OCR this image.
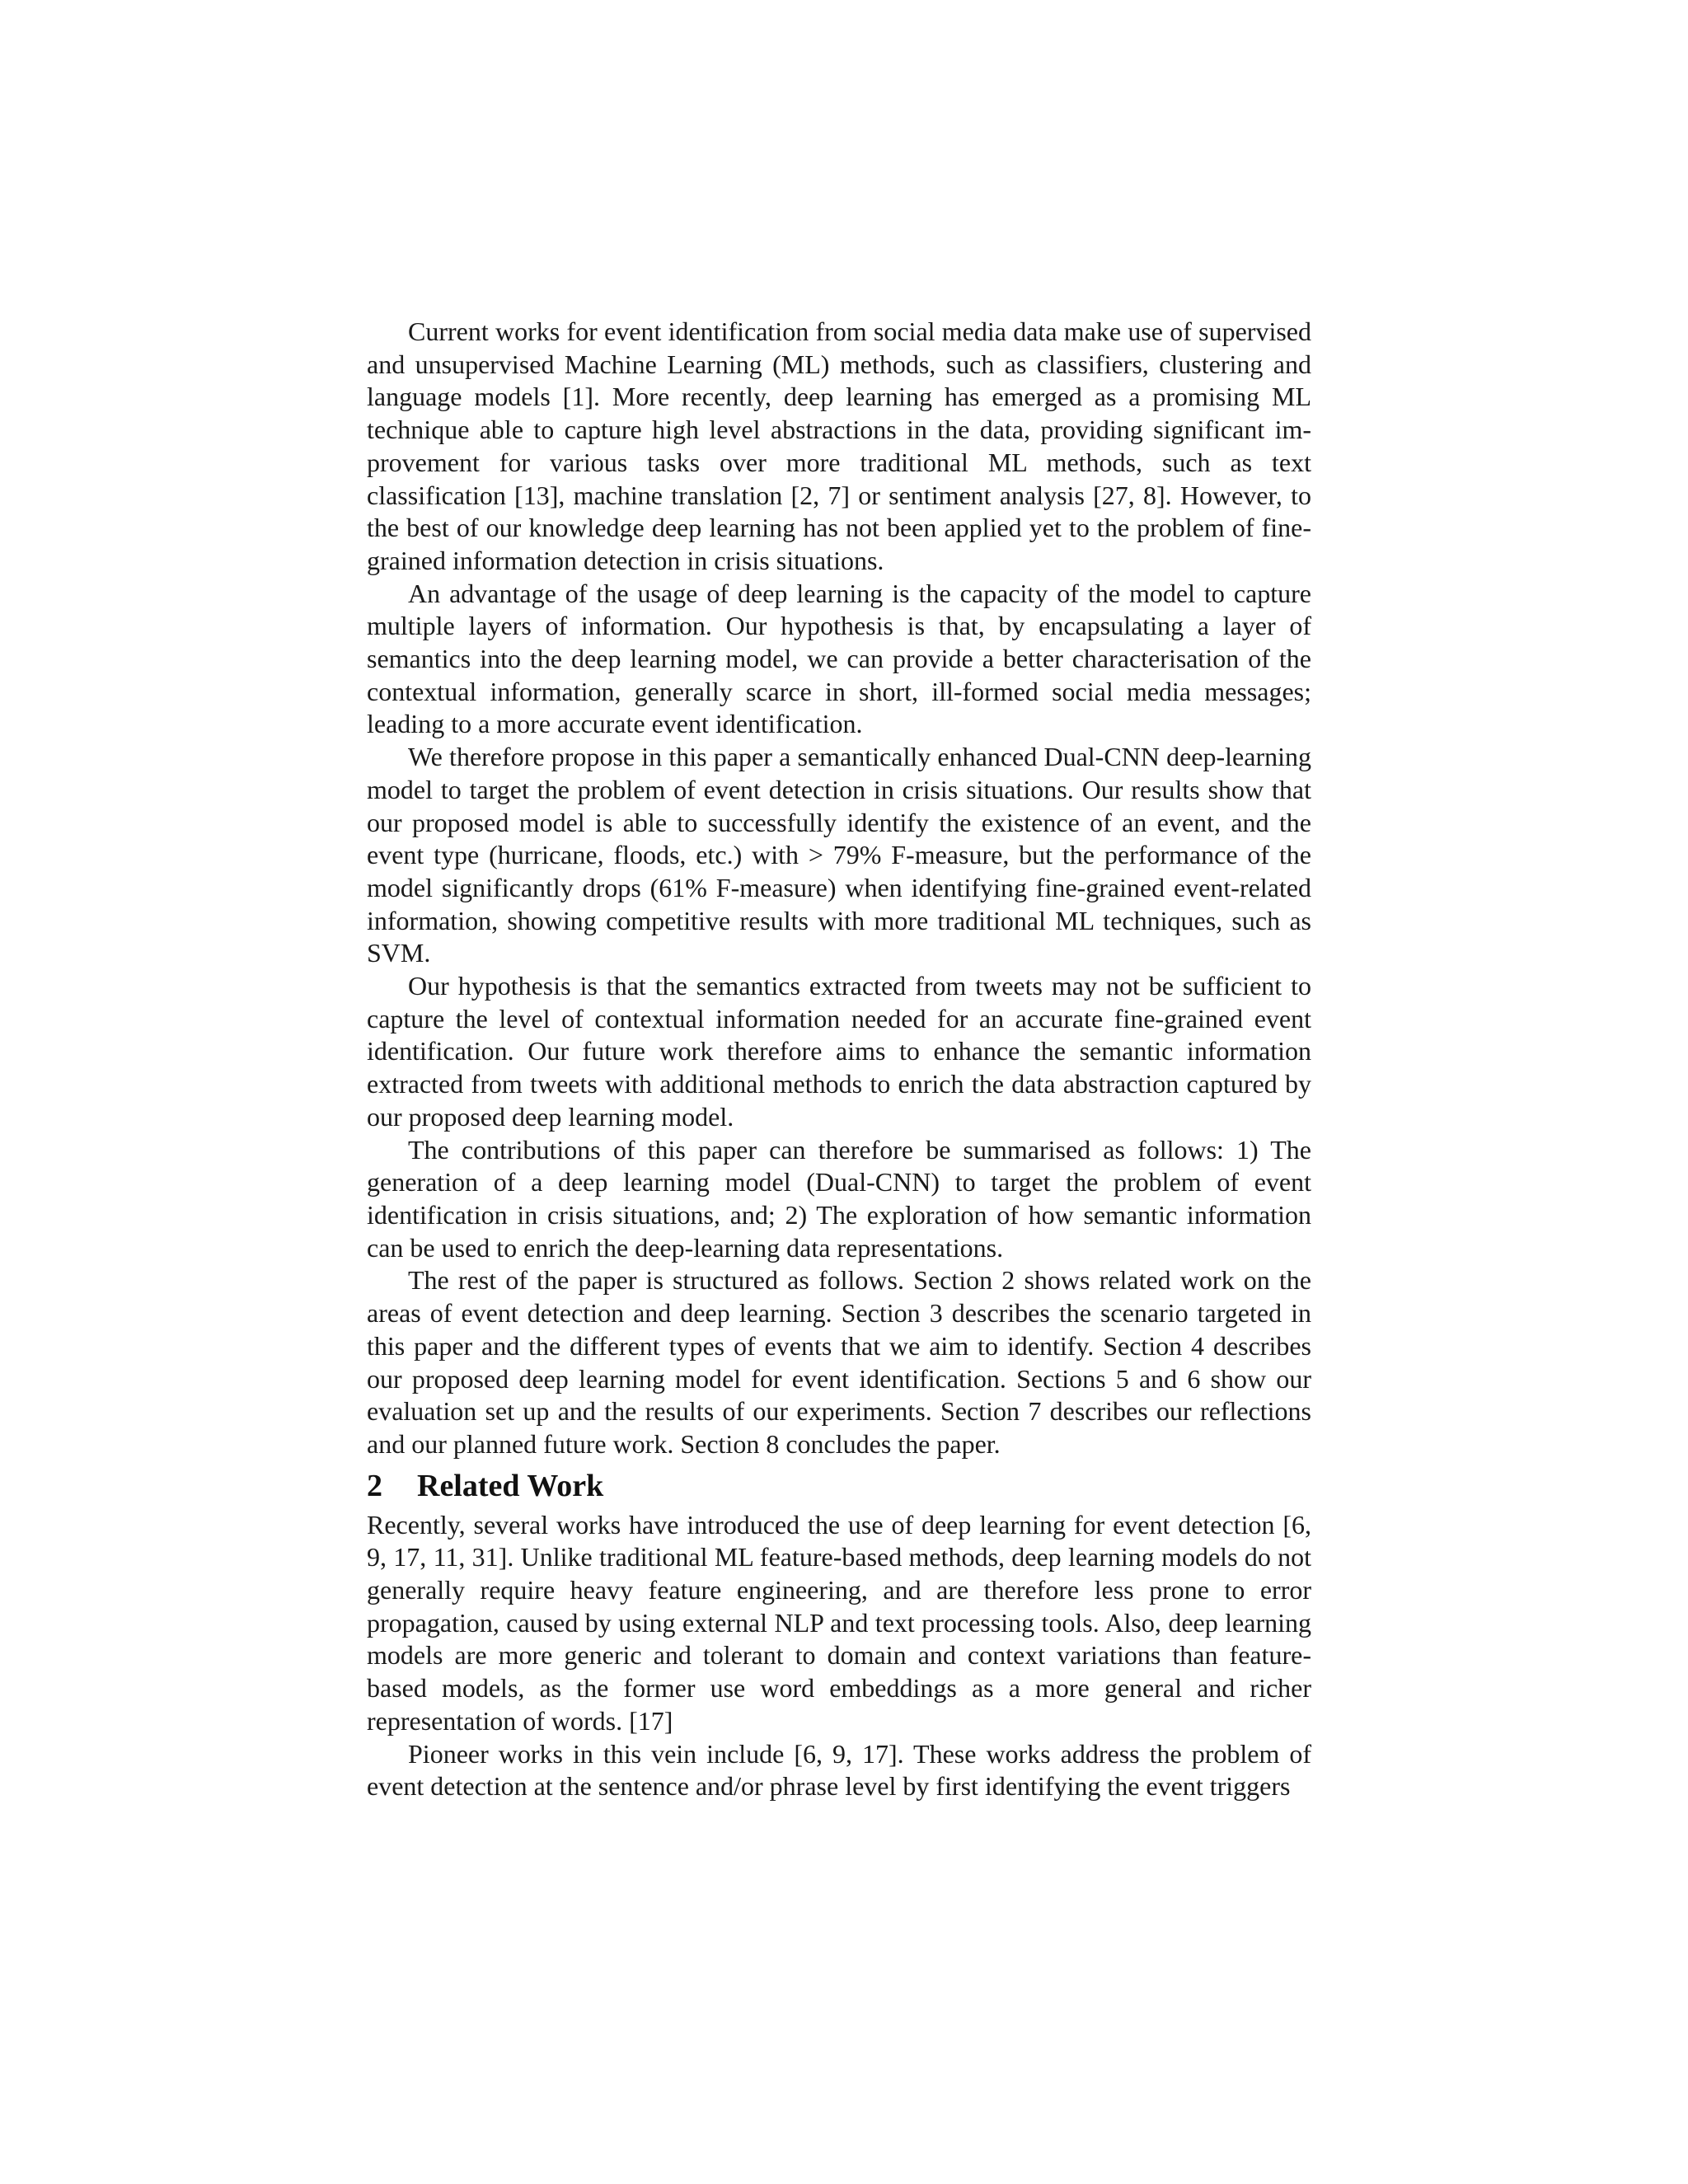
Current works for event identification from social media data make use of supervised and unsupervised Machine Learning (ML) methods, such as classifiers, clustering and language models [1]. More recently, deep learning has emerged as a promising ML technique able to capture high level abstractions in the data, providing significant improvement for various tasks over more traditional ML methods, such as text classification [13], machine translation [2, 7] or sentiment analysis [27, 8]. However, to the best of our knowledge deep learning has not been applied yet to the problem of fine-grained information detection in crisis situations.

An advantage of the usage of deep learning is the capacity of the model to capture multiple layers of information. Our hypothesis is that, by encapsulating a layer of semantics into the deep learning model, we can provide a better characterisation of the contextual information, generally scarce in short, ill-formed social media messages; leading to a more accurate event identification.

We therefore propose in this paper a semantically enhanced Dual-CNN deep-learning model to target the problem of event detection in crisis situations. Our results show that our proposed model is able to successfully identify the existence of an event, and the event type (hurricane, floods, etc.) with > 79% F-measure, but the performance of the model significantly drops (61% F-measure) when identifying fine-grained event-related information, showing competitive results with more traditional ML techniques, such as SVM.

Our hypothesis is that the semantics extracted from tweets may not be sufficient to capture the level of contextual information needed for an accurate fine-grained event identification. Our future work therefore aims to enhance the semantic information extracted from tweets with additional methods to enrich the data abstraction captured by our proposed deep learning model.

The contributions of this paper can therefore be summarised as follows: 1) The generation of a deep learning model (Dual-CNN) to target the problem of event identification in crisis situations, and; 2) The exploration of how semantic information can be used to enrich the deep-learning data representations.

The rest of the paper is structured as follows. Section 2 shows related work on the areas of event detection and deep learning. Section 3 describes the scenario targeted in this paper and the different types of events that we aim to identify. Section 4 describes our proposed deep learning model for event identification. Sections 5 and 6 show our evaluation set up and the results of our experiments. Section 7 describes our reflections and our planned future work. Section 8 concludes the paper.

2 Related Work

Recently, several works have introduced the use of deep learning for event detection [6, 9, 17, 11, 31]. Unlike traditional ML feature-based methods, deep learning models do not generally require heavy feature engineering, and are therefore less prone to error propagation, caused by using external NLP and text processing tools. Also, deep learning models are more generic and tolerant to domain and context variations than feature-based models, as the former use word embeddings as a more general and richer representation of words. [17]

Pioneer works in this vein include [6, 9, 17]. These works address the problem of event detection at the sentence and/or phrase level by first identifying the event triggers
